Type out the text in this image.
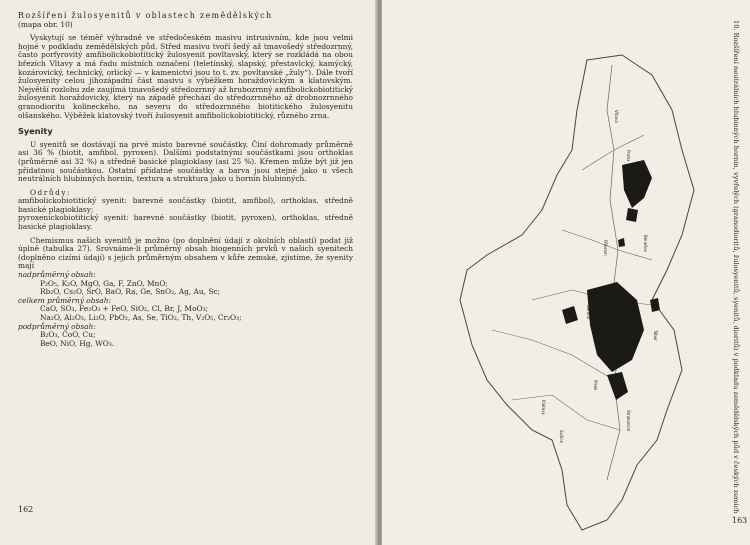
Rozšíření žulosyenitů v oblastech zemědělských
(mapa obr. 10)

Vyskytují se téměř výhradně ve středočeském masivu intrusivním, kde jsou velmi hojné v podkladu zemědělských půd. Střed masivu tvoří šedý až tmavošedý středozrnný, často porfyrovitý amfibolickobiotitický žulosyenit povltavský, který se rozkládá na obou březích Vltavy a má řadu místních označení (teletínský, slapský, přestavlcký, kamýcký, kozárovický, technický, orlický — v kamenictví jsou to t. zv. povltavské „žuly“). Dále tvoří žulosyenity celou jihozápadní část masivu s výběžkem horaždovickým a klatovským. Největší rozlohu zde zaujímá tmavošedý středozrnný až hrubozrnný amfibolickobiotitický žulosyenit horaždovický, který na západě přechází do středozrnného až drobnozrnného granodioritu kolineckého, na severu do středozrnného biotitického žulosyenitu olšanského. Výběžek klatovský tvoří žulosyenit amfibolickobiotitický, různého zrna.

Syenity

U syenitů se dostávají na prvé místo barevné součástky. Činí dohromady průměrně asi 36 % (biotit, amfibol, pyroxen). Dalšími podstatnými součástkami jsou orthoklas (průměrně asi 32 %) a středně basické plagioklasy (asi 25 %). Křemen může být již jen přídatnou součástkou. Ostatní přídatné součástky a barva jsou stejné jako u všech neutrálních hlubinných hornin, textura a struktura jako u hornin hlubinných.

Odrůdy:

amfibolickobiotitický syenit: barevné součástky (biotit, amfibol), orthoklas, středně basické plagioklasy;

pyroxenickobiotitický syenit: barevné součástky (biotit, pyroxen), orthoklas, středně basické plagioklasy.

Chemismus našich syenitů je možno (po doplnění údají z okolních oblastí) podat již úplně (tabulka 27). Srovnáme-li průměrný obsah biogenních prvků v našich syenitech (doplněno cizími údají) s jejich průměrným obsahem v kůře zemské, zjistíme, že syenity mají

nadprůměrný obsah:

P₂O₅, K₂O, MgO, Ga, F, ZnO, MnO;

Rb₂O, Cs₂O, SrO, BaO, Ra, Ge, SnO₂, Ag, Au, Sc;

celkem průměrný obsah:

CaO, SO₃, Fe₂O₃ + FeO, SiO₂, Cl, Br, J, MoO₃;

Na₂O, Al₂O₃, Li₂O, PbO₂, As, Se, TiO₂, Th, V₂O₅, Cr₂O₃;

podprůměrný obsah:

B₂O₃, CoO, Cu;

BeO, NiO, Hg, WO₃.

162
Praha
Beroun
Tábor
Písek
Klatovy
Sušice
Strakonice
Benešov
Příbram
Vltava
163
10. Rozšíření neutrálních hlubinných hornin, vyvřelých (granodioritů, žulosyenitů, syenitů, dioritů) v podkladu zemědělských půd v českých zemích
